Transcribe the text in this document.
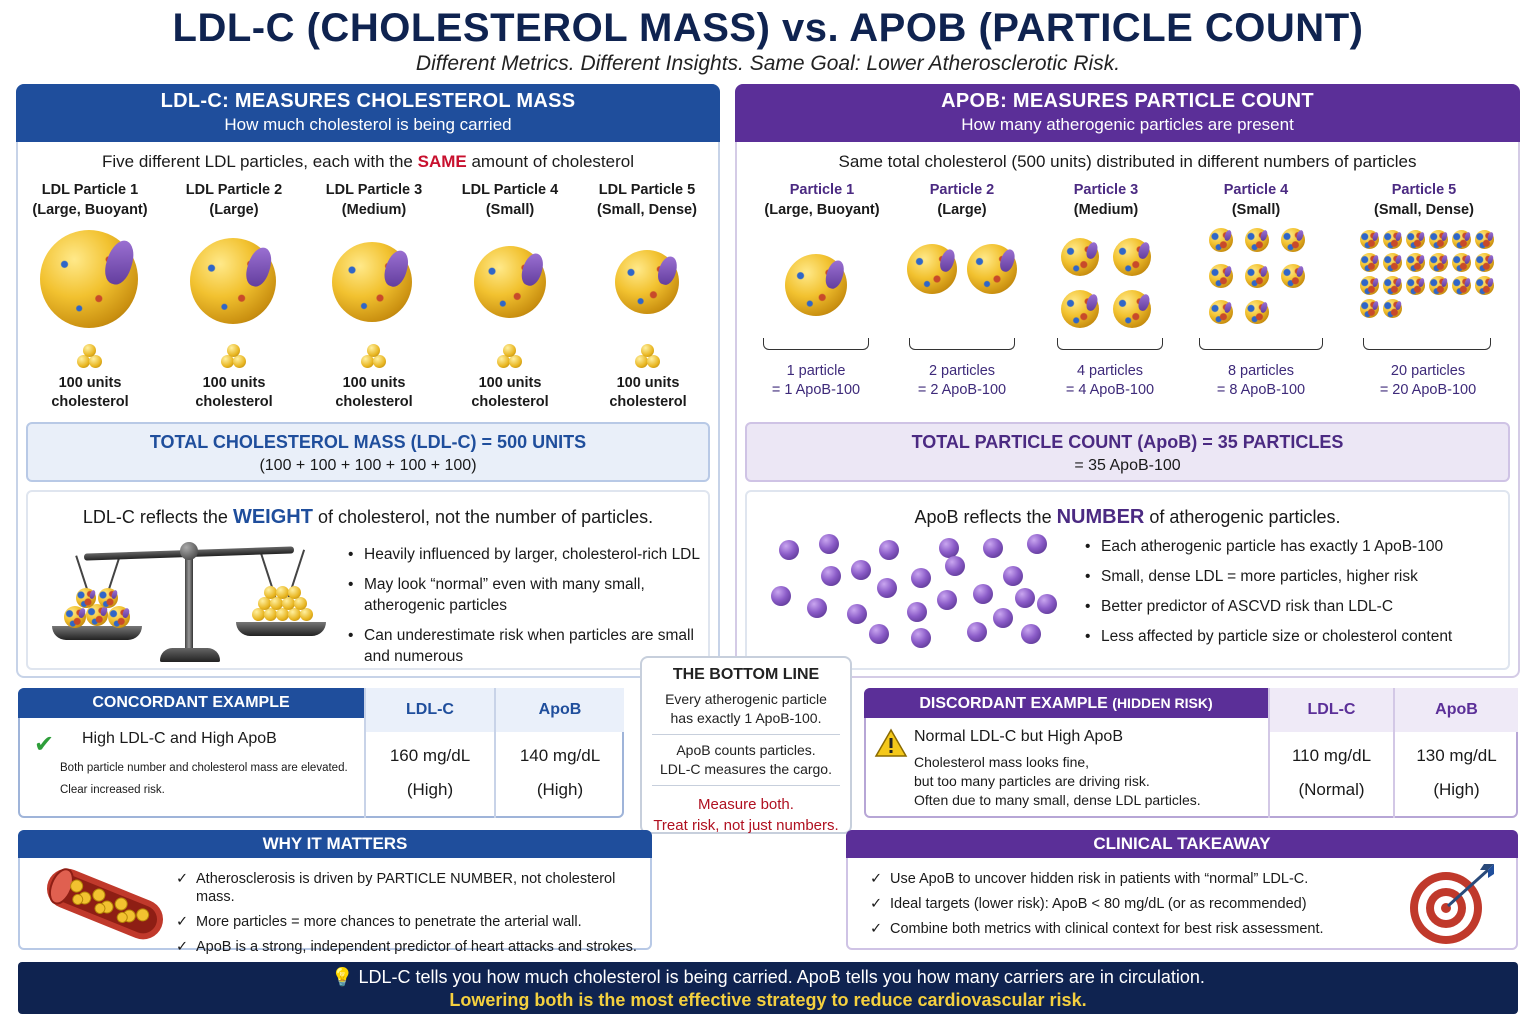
LDL-C (CHOLESTEROL MASS) vs. APOB (PARTICLE COUNT)
Different Metrics. Different Insights. Same Goal: Lower Atherosclerotic Risk.
LDL-C: MEASURES CHOLESTEROL MASS
How much cholesterol is being carried
Five different LDL particles, each with the SAME amount of cholesterol
LDL Particle 1
(Large, Buoyant)
LDL Particle 2
(Large)
LDL Particle 3
(Medium)
LDL Particle 4
(Small)
LDL Particle 5
(Small, Dense)
100 units
cholesterol
100 units
cholesterol
100 units
cholesterol
100 units
cholesterol
100 units
cholesterol
TOTAL CHOLESTEROL MASS (LDL-C) = 500 UNITS
(100 + 100 + 100 + 100 + 100)
LDL-C reflects the WEIGHT of cholesterol, not the number of particles.
• Heavily influenced by larger, cholesterol-rich LDL
• May look “normal” even with many small, atherogenic particles
• Can underestimate risk when particles are small and numerous
APOB: MEASURES PARTICLE COUNT
How many atherogenic particles are present
Same total cholesterol (500 units) distributed in different numbers of particles
Particle 1
(Large, Buoyant)
Particle 2
(Large)
Particle 3
(Medium)
Particle 4
(Small)
Particle 5
(Small, Dense)
1 particle
= 1 ApoB-100
2 particles
= 2 ApoB-100
4 particles
= 4 ApoB-100
8 particles
= 8 ApoB-100
20 particles
= 20 ApoB-100
TOTAL PARTICLE COUNT (ApoB) = 35 PARTICLES
= 35 ApoB-100
ApoB reflects the NUMBER of atherogenic particles.
• Each atherogenic particle has exactly 1 ApoB-100
• Small, dense LDL = more particles, higher risk
• Better predictor of ASCVD risk than LDL-C
• Less affected by particle size or cholesterol content
CONCORDANT EXAMPLE
✔ High LDL-C and High ApoB
Both particle number and cholesterol mass are elevated.
Clear increased risk.
LDL-C
160 mg/dL
(High)
ApoB
140 mg/dL
(High)
THE BOTTOM LINE
Every atherogenic particle
has exactly 1 ApoB-100.
ApoB counts particles.
LDL-C measures the cargo.
Measure both.
Treat risk, not just numbers.
DISCORDANT EXAMPLE (HIDDEN RISK)
Normal LDL-C but High ApoB
Cholesterol mass looks fine,
but too many particles are driving risk.
Often due to many small, dense LDL particles.
LDL-C
110 mg/dL
(Normal)
ApoB
130 mg/dL
(High)
WHY IT MATTERS
✓ Atherosclerosis is driven by PARTICLE NUMBER, not cholesterol mass.
✓ More particles = more chances to penetrate the arterial wall.
✓ ApoB is a strong, independent predictor of heart attacks and strokes.
CLINICAL TAKEAWAY
✓ Use ApoB to uncover hidden risk in patients with “normal” LDL-C.
✓ Ideal targets (lower risk): ApoB < 80 mg/dL (or as recommended)
✓ Combine both metrics with clinical context for best risk assessment.
💡 LDL-C tells you how much cholesterol is being carried. ApoB tells you how many carriers are in circulation.
Lowering both is the most effective strategy to reduce cardiovascular risk.
